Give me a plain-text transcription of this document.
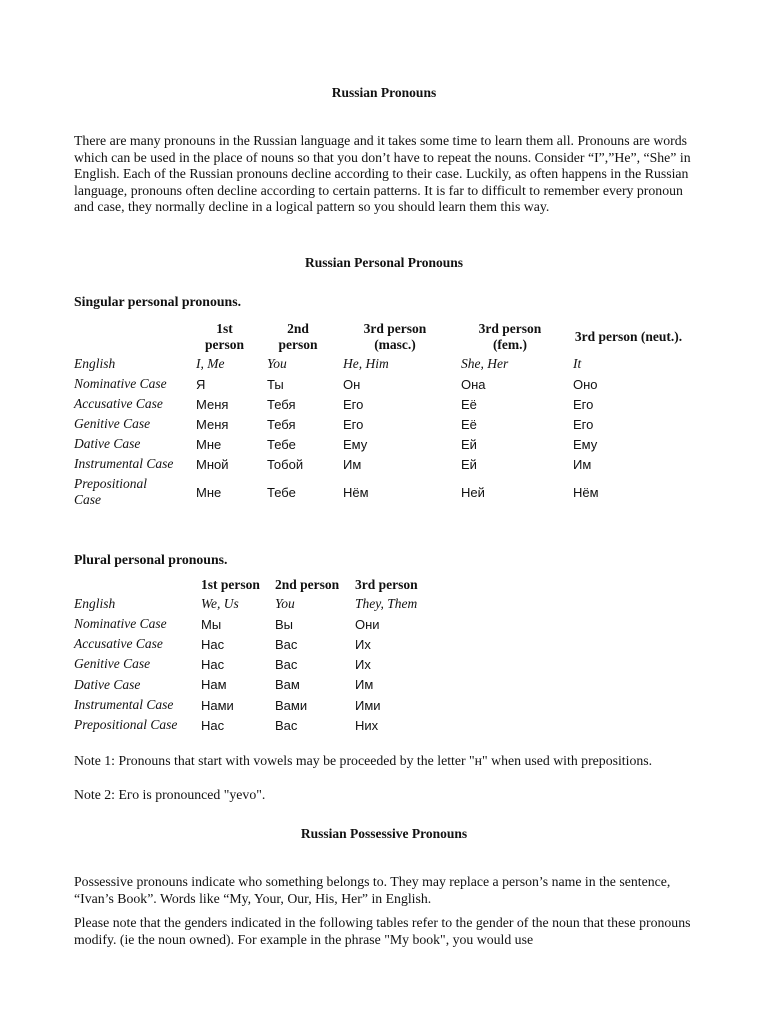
Russian Pronouns
There are many pronouns in the Russian language and it takes some time to learn them all. Pronouns are words which can be used in the place of nouns so that you don’t have to repeat the nouns. Consider “I”,”He”, “She” in English. Each of the Russian pronouns decline according to their case. Luckily, as often happens in the Russian language, pronouns often decline according to certain patterns. It is far to difficult to remember every pronoun and case, they normally decline in a logical pattern so you should learn them this way.
Russian Personal Pronouns
Singular personal pronouns.
	1st person	2nd person	3rd person (masc.)	3rd person (fem.)	3rd person (neut.).
English	I, Me	You	He, Him	She, Her	It
Nominative Case	Я	Ты	Он	Она	Оно
Accusative Case	Меня	Тебя	Его	Её	Его
Genitive Case	Меня	Тебя	Его	Её	Его
Dative Case	Мне	Тебе	Ему	Ей	Ему
Instrumental Case	Мной	Тобой	Им	Ей	Им
Prepositional Case	Мне	Тебе	Нём	Ней	Нём
Plural personal pronouns.
	1st person	2nd person	3rd person
English	We, Us	You	They, Them
Nominative Case	Мы	Вы	Они
Accusative Case	Нас	Вас	Их
Genitive Case	Нас	Вас	Их
Dative Case	Нам	Вам	Им
Instrumental Case	Нами	Вами	Ими
Prepositional Case	Нас	Вас	Них
Note 1: Pronouns that start with vowels may be proceeded by the letter "н" when used with prepositions.
Note 2: Его is pronounced "yevo".
Russian Possessive Pronouns
Possessive pronouns indicate who something belongs to. They may replace a person’s name in the sentence, “Ivan’s Book”. Words like “My, Your, Our, His, Her” in English.
Please note that the genders indicated in the following tables refer to the gender of the noun that these pronouns modify. (ie the noun owned). For example in the phrase "My book", you would use
